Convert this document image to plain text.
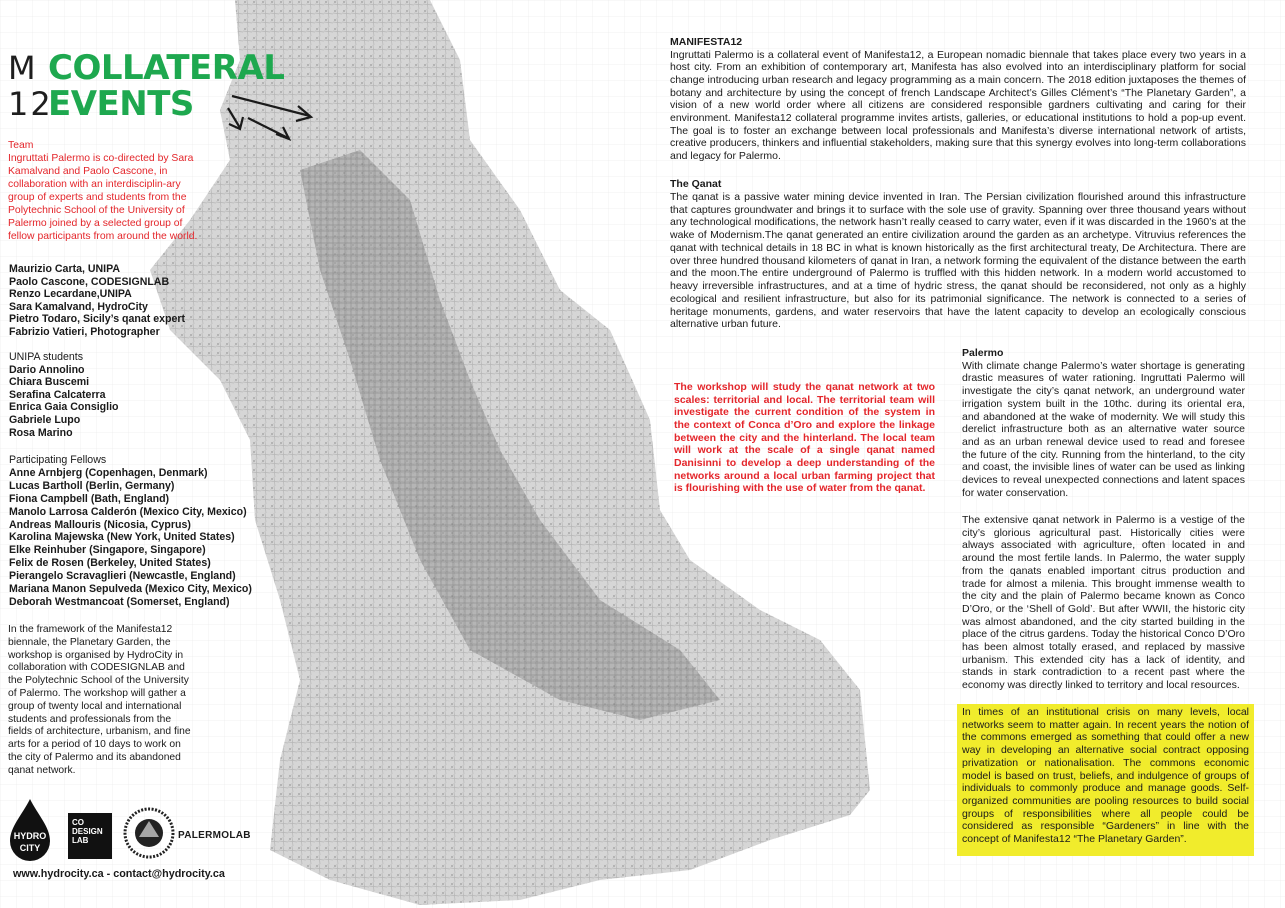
M
12
COLLATERAL
EVENTS
Team
Ingruttati Palermo is co-directed by Sara Kamalvand and Paolo Cascone, in collaboration with an interdisciplin-ary group of experts and students from the Polytechnic School of the University of Palermo joined by a selected group of fellow participants from around the world.
Maurizio Carta, UNIPA
Paolo Cascone, CODESIGNLAB
Renzo Lecardane,UNIPA
Sara Kamalvand, HydroCity
Pietro Todaro, Sicily’s qanat expert
Fabrizio Vatieri, Photographer
UNIPA students
Dario Annolino
Chiara Buscemi
Serafina Calcaterra
Enrica Gaia Consiglio
Gabriele Lupo
Rosa Marino
Participating Fellows
Anne Arnbjerg (Copenhagen, Denmark)
Lucas Bartholl (Berlin, Germany)
Fiona Campbell (Bath, England)
Manolo Larrosa Calderón (Mexico City, Mexico)
Andreas Mallouris (Nicosia, Cyprus)
Karolina Majewska (New York, United States)
Elke Reinhuber (Singapore, Singapore)
Felix de Rosen (Berkeley, United States)
Pierangelo Scravaglieri (Newcastle, England)
Mariana Manon Sepulveda (Mexico City, Mexico)
Deborah Westmancoat (Somerset, England)
In the framework of the Manifesta12 biennale, the Planetary Garden, the workshop is organised by HydroCity in collaboration with CODESIGNLAB and the Polytechnic School of the University of Palermo. The workshop will gather a group of twenty local and international students and professionals from the fields of architecture, urbanism, and fine arts for a period of 10 days to work on the city of Palermo and its abandoned qanat network.
HYDRO
CITY
CO
DESIGN
LAB	PALERMOLAB
www.hydrocity.ca - contact@hydrocity.ca
MANIFESTA12
Ingruttati Palermo is a collateral event of Manifesta12, a European nomadic biennale that takes place every two years in a host city. From an exhibition of contemporary art, Manifesta has also evolved into an interdisciplinary platform for social change introducing urban research and legacy programming as a main concern. The 2018 edition juxtaposes the themes of botany and architecture by using the concept of french Landscape Architect’s Gilles Clément’s “The Planetary Garden”, a vision of a new world order where all citizens are considered responsible gardners cultivating and caring for their environment. Manifesta12 collateral programme invites artists, galleries, or educational institutions to hold a pop-up event. The goal is to foster an exchange between local professionals and Manifesta’s diverse international network of artists, creative producers, thinkers and influential stakeholders, making sure that this synergy evolves into long-term collaborations and legacy for Palermo.
The Qanat
The qanat is a passive water mining device invented in Iran. The Persian civilization flourished around this infrastructure that captures groundwater and brings it to surface with the sole use of gravity. Spanning over three thousand years without any technological modifications, the network hasn’t really ceased to carry water, even if it was discarded in the 1960’s at the wake of Modernism.The qanat generated an entire civilization around the garden as an archetype. Vitruvius references the qanat with technical details in 18 BC in what is known historically as the first architectural treaty, De Architectura. There are over three hundred thousand kilometers of qanat in Iran, a network forming the equivalent of the distance between the earth and the moon.The entire underground of Palermo is truffled with this hidden network. In a modern world accustomed to heavy irreversible infrastructures, and at a time of hydric stress, the qanat should be reconsidered, not only as a highly ecological and resilient infrastructure, but also for its patrimonial significance. The network is connected to a series of heritage monuments, gardens, and water reservoirs that have the latent capacity to develop an ecologically conscious alternative urban future.
The workshop will study the qanat network at two scales: territorial and local. The territorial team will investigate the current condition of the system in the context of Conca d’Oro and explore the linkage between the city and the hinterland. The local team will work at the scale of a single qanat named Danisinni to develop a deep understanding of the networks around a local urban farming project that is flourishing with the use of water from the qanat.
Palermo
With climate change Palermo’s water shortage is generating drastic measures of water rationing. Ingruttati Palermo will investigate the city’s qanat network, an underground water irrigation system built in the 10thc. during its oriental era, and abandoned at the wake of modernity. We will study this derelict infrastructure both as an alternative water source and as an urban renewal device used to read and foresee the future of the city. Running from the hinterland, to the city and coast, the invisible lines of water can be used as linking devices to reveal unexpected connections and latent spaces for water conservation.
The extensive qanat network in Palermo is a vestige of the city’s glorious agricultural past. Historically cities were always associated with agriculture, often located in and around the most fertile lands. In Palermo, the water supply from the qanats enabled important citrus production and trade for almost a milenia. This brought immense wealth to the city and the plain of Palermo became known as Conco D’Oro, or the ‘Shell of Gold’. But after WWII, the historic city was almost abandoned, and the city started building in the place of the citrus gardens. Today the historical Conco D’Oro has been almost totally erased, and replaced by massive urbanism. This extended city has a lack of identity, and stands in stark contradiction to a recent past where the economy was directly linked to territory and local resources.
In times of an institutional crisis on many levels, local networks seem to matter again. In recent years the notion of the commons emerged as something that could offer a new way in developing an alternative social contract opposing privatization or nationalisation. The commons economic model is based on trust, beliefs, and indulgence of groups of individuals to commonly produce and manage goods. Self-organized communities are pooling resources to build social groups of responsibilities where all people could be considered as responsible “Gardeners” in line with the concept of Manifesta12 “The Planetary Garden”.
